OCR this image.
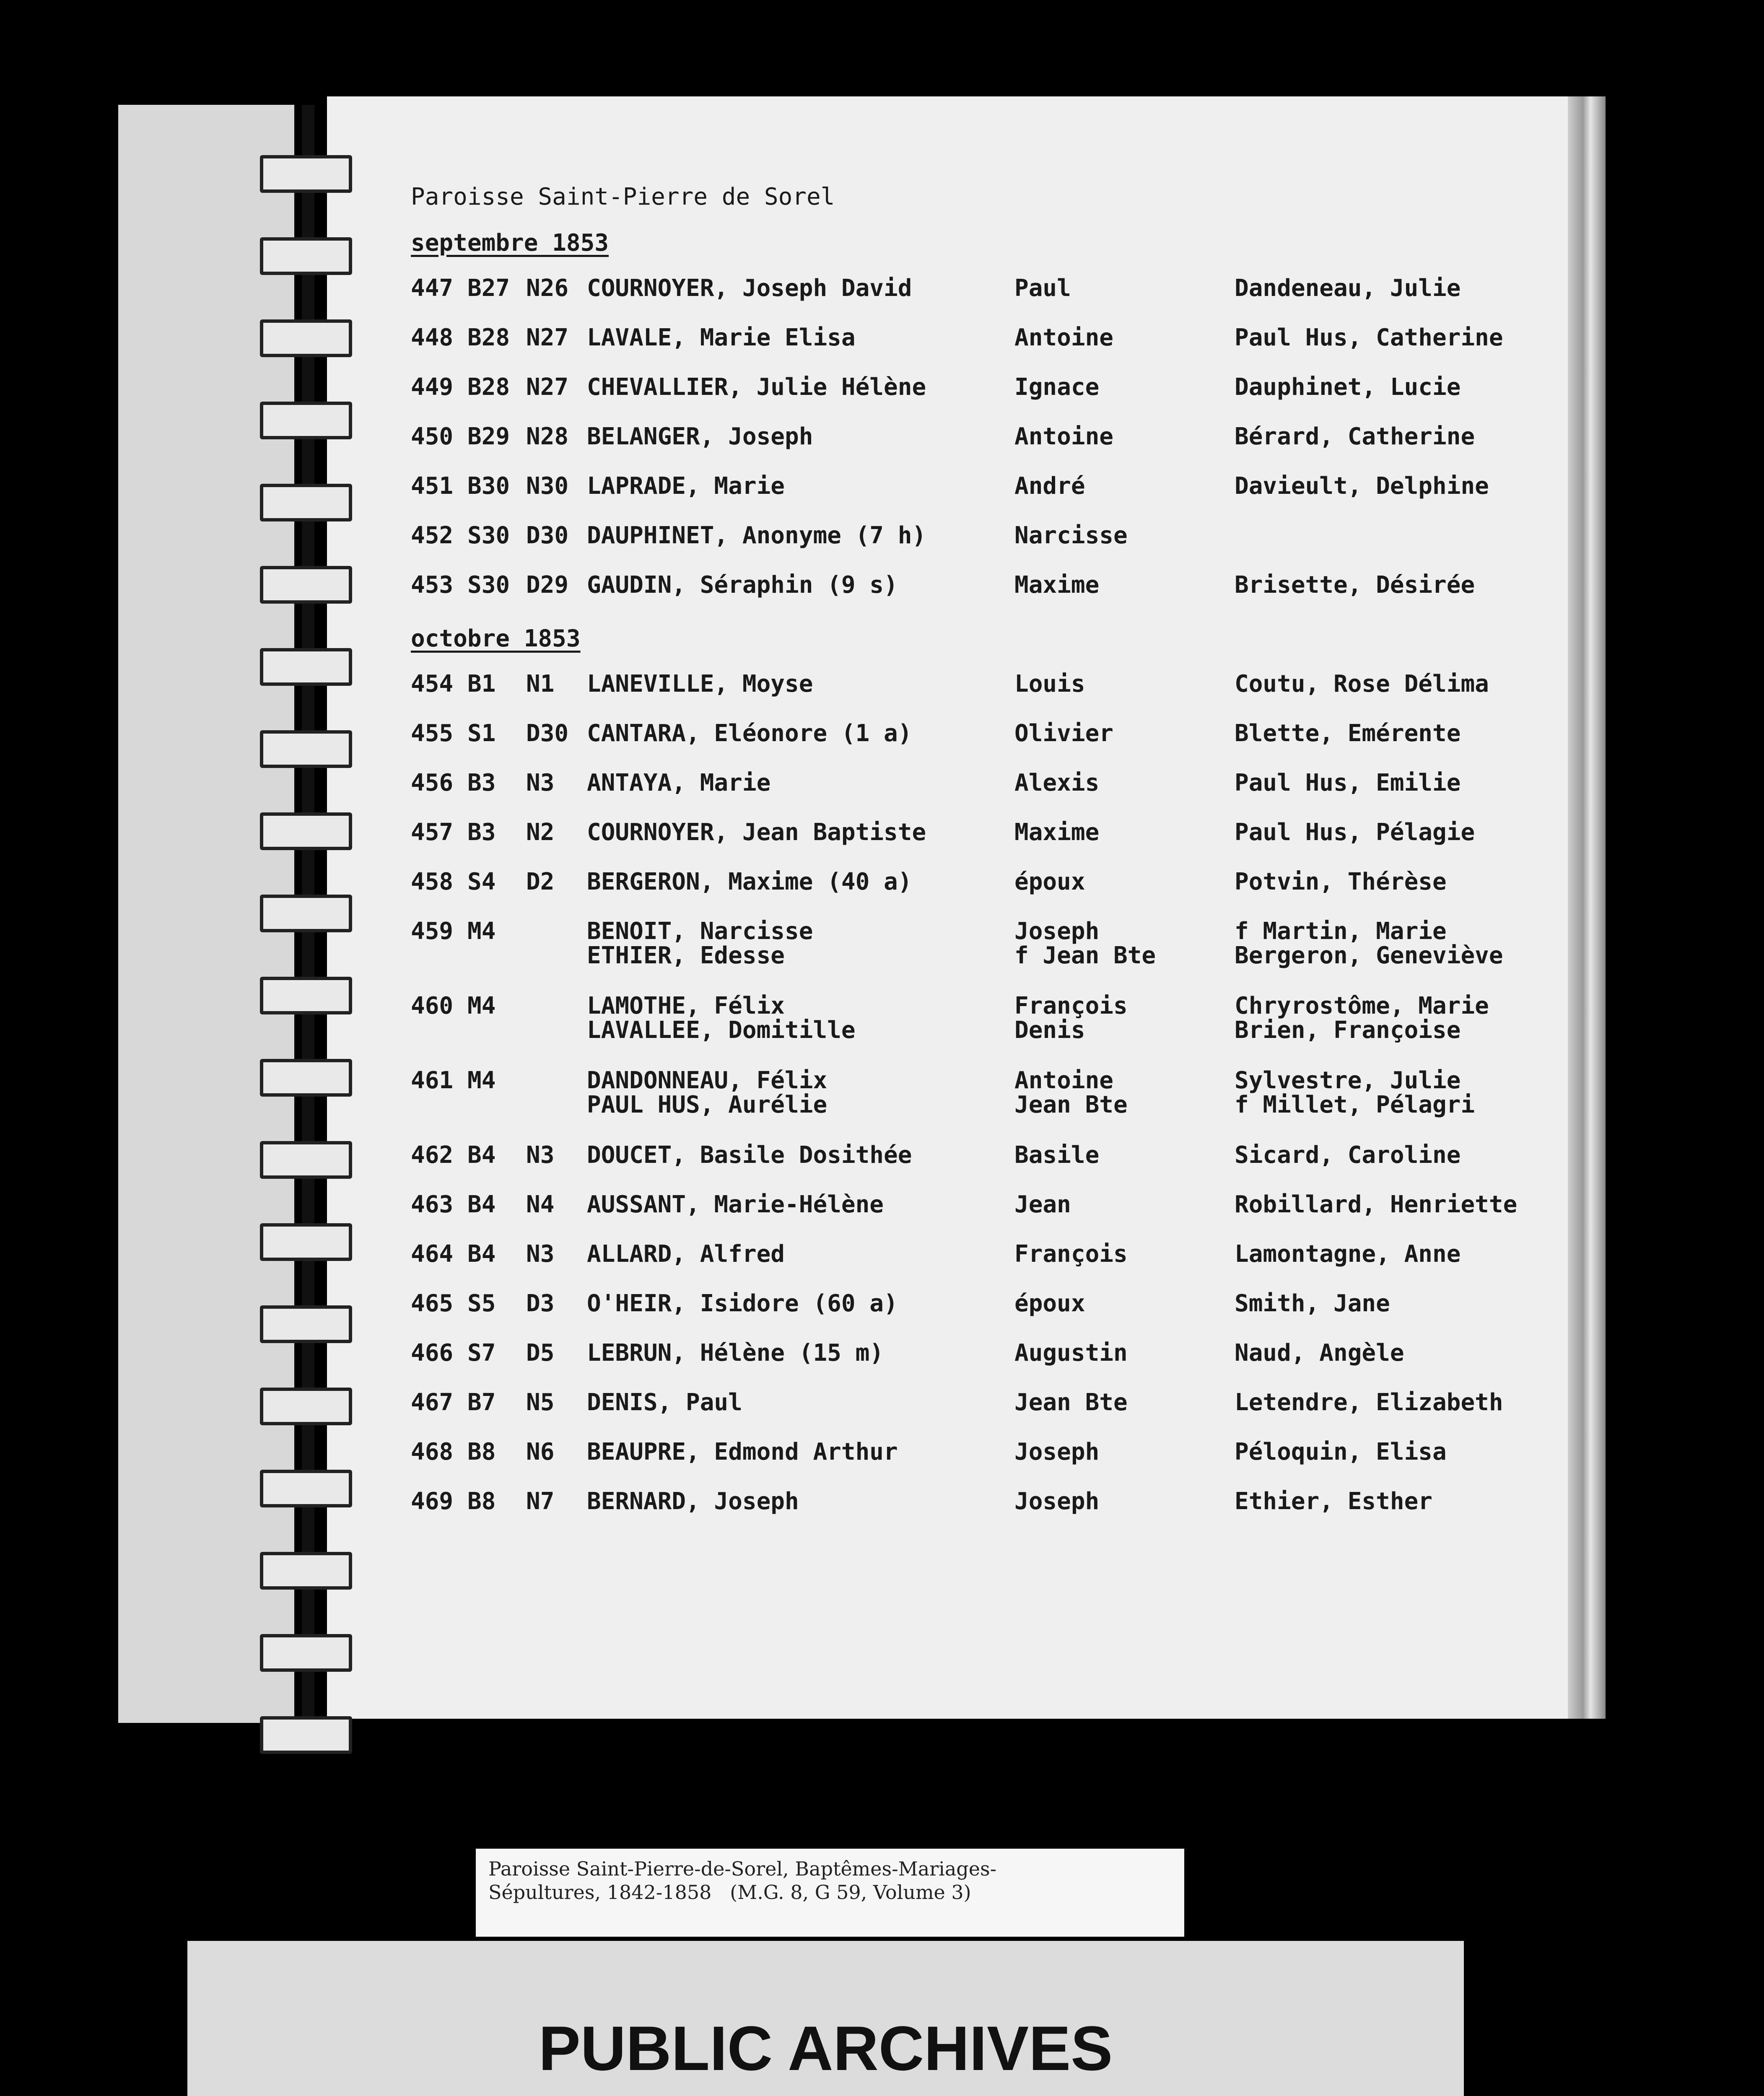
Paroisse Saint-Pierre de Sorel
septembre 1853
447 B27 N26 COURNOYER, Joseph David	Paul	Dandeneau, Julie
448 B28 N27 LAVALE, Marie Elisa	Antoine	Paul Hus, Catherine
449 B28 N27 CHEVALLIER, Julie Hélène	Ignace	Dauphinet, Lucie
450 B29 N28 BELANGER, Joseph	Antoine	Bérard, Catherine
451 B30 N30 LAPRADE, Marie	André	Davieult, Delphine
452 S30 D30 DAUPHINET, Anonyme (7 h)	Narcisse
453 S30 D29 GAUDIN, Séraphin (9 s)	Maxime	Brisette, Désirée
octobre 1853
454 B1 N1 LANEVILLE, Moyse	Louis	Coutu, Rose Délima
455 S1 D30 CANTARA, Eléonore (1 a)	Olivier	Blette, Emérente
456 B3 N3 ANTAYA, Marie	Alexis	Paul Hus, Emilie
457 B3 N2 COURNOYER, Jean Baptiste	Maxime	Paul Hus, Pélagie
458 S4 D2 BERGERON, Maxime (40 a)	époux	Potvin, Thérèse
459 M4	BENOIT, Narcisse	Joseph	f Martin, Marie
ETHIER, Edesse	f Jean Bte	Bergeron, Geneviève
460 M4	LAMOTHE, Félix	François	Chryrostôme, Marie
LAVALLEE, Domitille	Denis	Brien, Françoise
461 M4	DANDONNEAU, Félix	Antoine	Sylvestre, Julie
PAUL HUS, Aurélie	Jean Bte	f Millet, Pélagri
462 B4 N3 DOUCET, Basile Dosithée	Basile	Sicard, Caroline
463 B4 N4 AUSSANT, Marie-Hélène	Jean	Robillard, Henriette
464 B4 N3 ALLARD, Alfred	François	Lamontagne, Anne
465 S5 D3 O'HEIR, Isidore (60 a)	époux	Smith, Jane
466 S7 D5 LEBRUN, Hélène (15 m)	Augustin	Naud, Angèle
467 B7 N5 DENIS, Paul	Jean Bte	Letendre, Elizabeth
468 B8 N6 BEAUPRE, Edmond Arthur	Joseph	Péloquin, Elisa
469 B8 N7 BERNARD, Joseph	Joseph	Ethier, Esther
Paroisse Saint-Pierre-de-Sorel, Baptêmes-Mariages-
Sépultures, 1842-1858   (M.G. 8, G 59, Volume 3)
PUBLIC ARCHIVES
